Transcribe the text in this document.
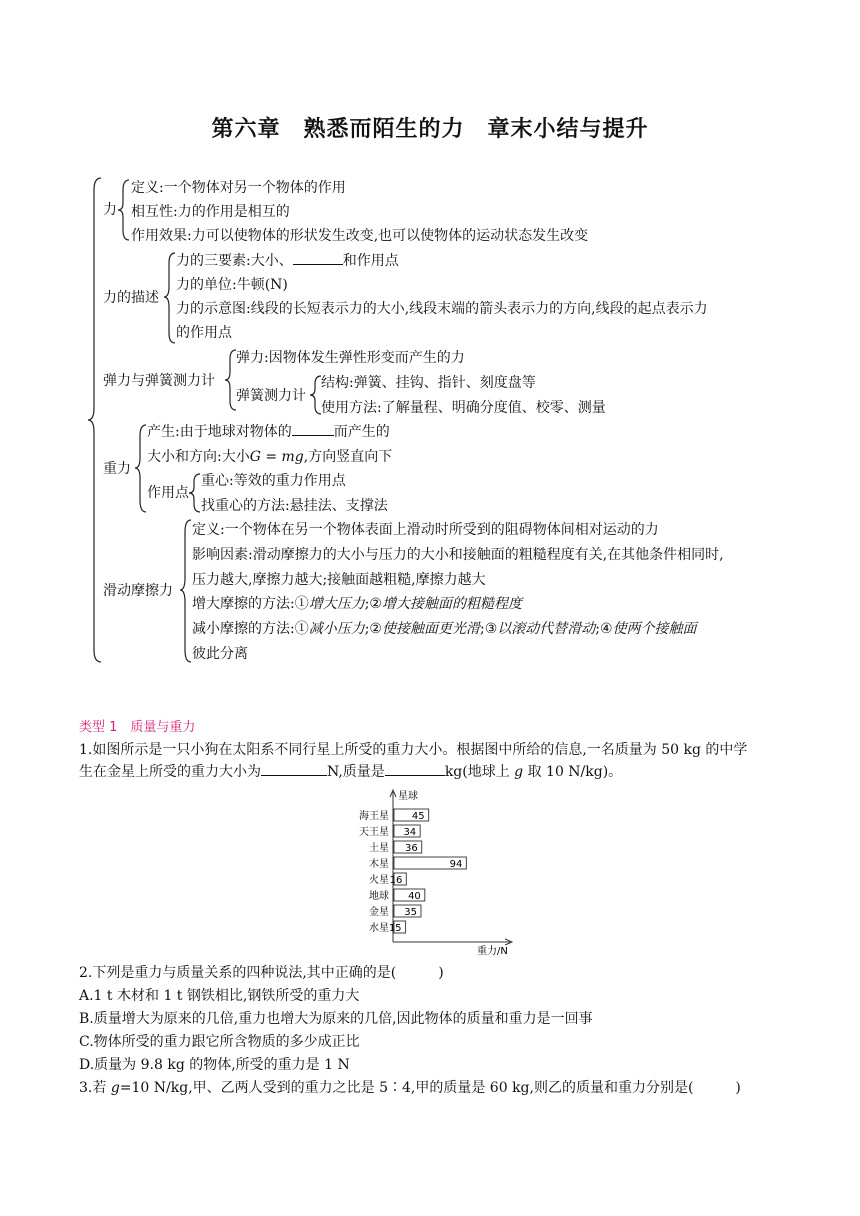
第六章　熟悉而陌生的力　章末小结与提升
力
定义:一个物体对另一个物体的作用
相互性:力的作用是相互的
作用效果:力可以使物体的形状发生改变,也可以使物体的运动状态发生改变
力的描述
力的三要素:大小、	和作用点
力的单位:牛顿(N)
力的示意图:线段的长短表示力的大小,线段末端的箭头表示力的方向,线段的起点表示力
的作用点
弹力与弹簧测力计
弹力:因物体发生弹性形变而产生的力
弹簧测力计
结构:弹簧、挂钩、指针、刻度盘等
使用方法:了解量程、明确分度值、校零、测量
重力
产生:由于地球对物体的	而产生的
大小和方向:大小G = mg,方向竖直向下
作用点
重心:等效的重力作用点
找重心的方法:悬挂法、支撑法
滑动摩擦力
定义:一个物体在另一个物体表面上滑动时所受到的阻碍物体间相对运动的力
影响因素:滑动摩擦力的大小与压力的大小和接触面的粗糙程度有关,在其他条件相同时,
压力越大,摩擦力越大;接触面越粗糙,摩擦力越大
增大摩擦的方法:①增大压力;②增大接触面的粗糙程度
减小摩擦的方法:①减小压力;②使接触面更光滑;③以滚动代替滑动;④使两个接触面
彼此分离
类型 1　质量与重力
1.如图所示是一只小狗在太阳系不同行星上所受的重力大小。根据图中所给的信息,一名质量为 50 kg 的中学
生在金星上所受的重力大小为	N,质量是	kg(地球上 g 取 10 N/kg)。
星球
重力/N
海王星 45
天王星 34
土星 36
木星	94
火星 16
地球 40
金星 35
水星 15
2.下列是重力与质量关系的四种说法,其中正确的是(　　　)
A.1 t 木材和 1 t 钢铁相比,钢铁所受的重力大
B.质量增大为原来的几倍,重力也增大为原来的几倍,因此物体的质量和重力是一回事
C.物体所受的重力跟它所含物质的多少成正比
D.质量为 9.8 kg 的物体,所受的重力是 1 N
3.若 g=10 N/kg,甲、乙两人受到的重力之比是 5∶4,甲的质量是 60 kg,则乙的质量和重力分别是(　　　)
